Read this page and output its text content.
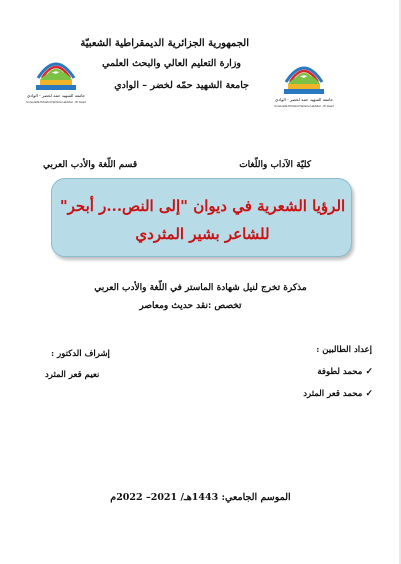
الجمهورية الجزائرية الديمقراطية الشعبيّة
وزارة التعليم العالي والبحث العلمي
جامعة الشهيد حمّه لخضر – الوادي
جامعة الشهيد حمة لخضر - الوادي
Université Echahid Hamma Lakhdar - El Oued
جامعة الشهيد حمة لخضر - الوادي
Université Echahid Hamma Lakhdar - El Oued
كليّة الآداب واللّغات
قسم اللّغة والأدب العربي
الرؤيا الشعرية في ديوان "إلى النص...ر أبحر"
للشاعر بشير المثردي
مذكرة تخرج لنيل شهادة الماستر في اللّغة والأدب العربي
تخصص :نقد حديث ومعاصر
إعداد الطالبين :
✓ محمد لطوفة
✓ محمد قعر المثرد
إشراف الدكتور :
نعيم قعر المثرد
الموسم الجامعي: 1443هـ/ 2021– 2022م
